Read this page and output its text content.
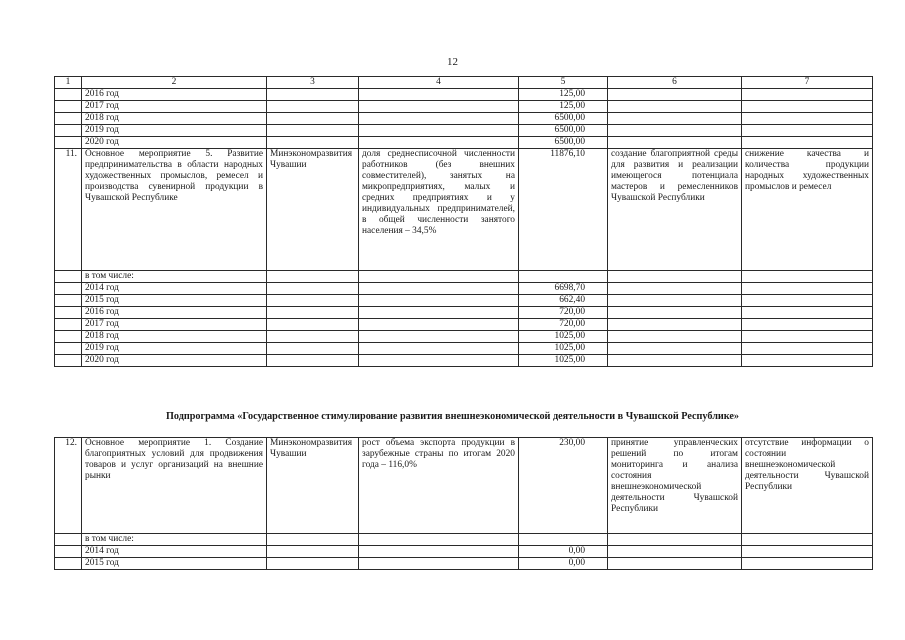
12
1	2	3	4	5	6	7
	2016 год			125,00		
	2017 год			125,00		
	2018 год			6500,00		
	2019 год			6500,00		
	2020 год			6500,00		
11.	Основное мероприятие 5. Развитие предпринимательства в области народных художественных промыслов, ремесел и производства сувенирной продукции в Чувашской Республике	Минэкономразвития Чувашии	доля среднесписочной численности работников (без внешних совместителей), занятых на микропредприятиях, малых и средних предприятиях и у индивидуальных предпринимателей, в общей численности занятого населения – 34,5%	11876,10	создание благоприятной среды для развития и реализации имеющегося потенциала мастеров и ремесленников Чувашской Республики	снижение качества и количества продукции народных художественных промыслов и ремесел
	в том числе:					
	2014 год			6698,70		
	2015 год			662,40		
	2016 год			720,00		
	2017 год			720,00		
	2018 год			1025,00		
	2019 год			1025,00		
	2020 год			1025,00		
Подпрограмма «Государственное стимулирование развития внешнеэкономической деятельности в Чувашской Республике»
12.	Основное мероприятие 1. Создание благоприятных условий для продвижения товаров и услуг организаций на внешние рынки	Минэкономразвития Чувашии	рост объема экспорта продукции в зарубежные страны по итогам 2020 года – 116,0%	230,00	принятие управленческих решений по итогам мониторинга и анализа состояния внешнеэкономической деятельности Чувашской Республики	отсутствие информации о состоянии внешнеэкономической деятельности Чувашской Республики
	в том числе:					
	2014 год			0,00		
	2015 год			0,00		
